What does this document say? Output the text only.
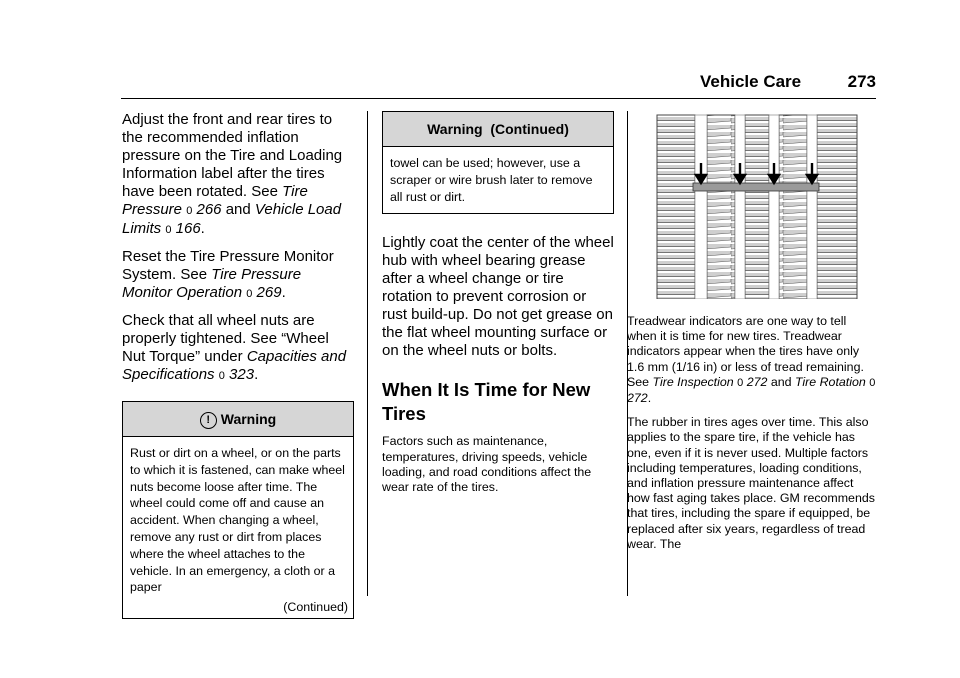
Vehicle Care	273

Adjust the front and rear tires to the recommended inflation pressure on the Tire and Loading Information label after the tires have been rotated. See Tire Pressure 0 266 and Vehicle Load Limits 0 166.

Reset the Tire Pressure Monitor System. See Tire Pressure Monitor Operation 0 269.

Check that all wheel nuts are properly tightened. See “Wheel Nut Torque” under Capacities and Specifications 0 323.

! Warning
Rust or dirt on a wheel, or on the parts to which it is fastened, can make wheel nuts become loose after time. The wheel could come off and cause an accident. When changing a wheel, remove any rust or dirt from places where the wheel attaches to the vehicle. In an emergency, a cloth or a paper
(Continued)
Warning  (Continued)
towel can be used; however, use a scraper or wire brush later to remove all rust or dirt.

Lightly coat the center of the wheel hub with wheel bearing grease after a wheel change or tire rotation to prevent corrosion or rust build-up. Do not get grease on the flat wheel mounting surface or on the wheel nuts or bolts.

When It Is Time for New Tires

Factors such as maintenance, temperatures, driving speeds, vehicle loading, and road conditions affect the wear rate of the tires.

Treadwear indicators are one way to tell when it is time for new tires. Treadwear indicators appear when the tires have only 1.6 mm (1/16 in) or less of tread remaining. See Tire Inspection 0 272 and Tire Rotation 0 272.

The rubber in tires ages over time. This also applies to the spare tire, if the vehicle has one, even if it is never used. Multiple factors including temperatures, loading conditions, and inflation pressure maintenance affect how fast aging takes place. GM recommends that tires, including the spare if equipped, be replaced after six years, regardless of tread wear. The
